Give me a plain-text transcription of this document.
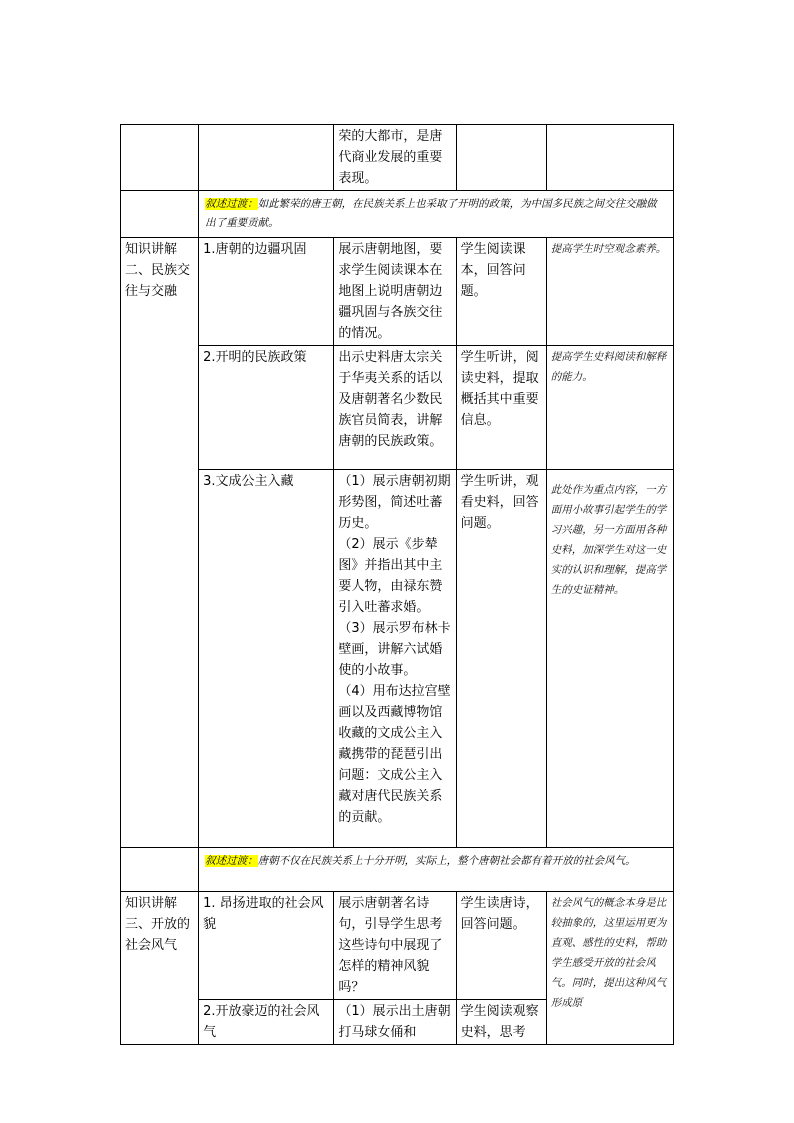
		荣的大都市，是唐代商业发展的重要表现。		
	叙述过渡：如此繁荣的唐王朝，在民族关系上也采取了开明的政策，为中国多民族之间交往交融做出了重要贡献。			
知识讲解二、民族交往与交融	1.唐朝的边疆巩固	展示唐朝地图，要求学生阅读课本在地图上说明唐朝边疆巩固与各族交往的情况。	学生阅读课本，回答问题。	提高学生时空观念素养。
	2.开明的民族政策	出示史料唐太宗关于华夷关系的话以及唐朝著名少数民族官员简表，讲解唐朝的民族政策。	学生听讲，阅读史料，提取概括其中重要信息。	提高学生史料阅读和解释的能力。
	3.文成公主入藏	（1）展示唐朝初期形势图，简述吐蕃历史。
（2）展示《步辇图》并指出其中主要人物，由禄东赞引入吐蕃求婚。
（3）展示罗布林卡壁画，讲解六试婚使的小故事。
（4）用布达拉宫壁画以及西藏博物馆收藏的文成公主入藏携带的琵琶引出问题：文成公主入藏对唐代民族关系的贡献。	学生听讲，观看史料，回答问题。	此处作为重点内容，一方面用小故事引起学生的学习兴趣，另一方面用各种史料，加深学生对这一史实的认识和理解，提高学生的史证精神。
	叙述过渡：唐朝不仅在民族关系上十分开明，实际上，整个唐朝社会都有着开放的社会风气。			
知识讲解三、开放的社会风气	1. 昂扬进取的社会风貌	展示唐朝著名诗句，引导学生思考这些诗句中展现了怎样的精神风貌吗？	学生读唐诗，回答问题。	社会风气的概念本身是比较抽象的，这里运用更为直观、感性的史料，帮助学生感受开放的社会风气。同时，提出这种风气形成原
	2.开放豪迈的社会风气	（1）展示出土唐朝打马球女俑和	学生阅读观察史料，思考	
